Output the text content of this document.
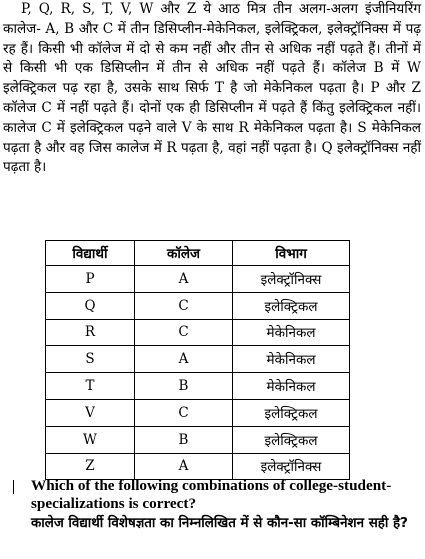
P, Q, R, S, T, V, W और Z ये आठ मित्र तीन अलग-अलग इंजीनियरिंग कालेज- A, B और C में तीन डिसिप्लीन-मेकेनिकल, इलेक्ट्रिकल, इलेक्ट्रॉनिक्स में पढ़ रह हैं। किसी भी कॉलेज में दो से कम नहीं और तीन से अधिक नहीं पढ़ते हैं। तीनों में से किसी भी एक डिसिप्लीन में तीन से अधिक नहीं पढ़ते हैं। कॉलेज B में W इलेक्ट्रिकल पढ़ रहा है, उसके साथ सिर्फ T है जो मेकेनिकल पढ़ता है। P और Z कॉलेज C में नहीं पढ़ते हैं। दोनों एक ही डिसिप्लीन में पढ़ते हैं किंतु इलेक्ट्रिकल नहीं। कालेज C में इलेक्ट्रिकल पढ़ने वाले V के साथ R मेकेनिकल पढ़ता है। S मेकेनिकल पढ़ता है और वह जिस कालेज में R पढ़ता है, वहां नहीं पढ़ता है। Q इलेक्ट्रॉनिक्स नहीं पढ़ता है।

विद्यार्थी	कॉलेज	विभाग
P	A	इलेक्ट्रॉनिक्स
Q	C	इलेक्ट्रिकल
R	C	मेकेनिकल
S	A	मेकेनिकल
T	B	मेकेनिकल
V	C	इलेक्ट्रिकल
W	B	इलेक्ट्रिकल
Z	A	इलेक्ट्रॉनिक्स

Which of the following combinations of college-student-specializations is correct?

कालेज विद्यार्थी विशेषज्ञता का निम्नलिखित में से कौन-सा कॉम्बिनेशन सही है?
